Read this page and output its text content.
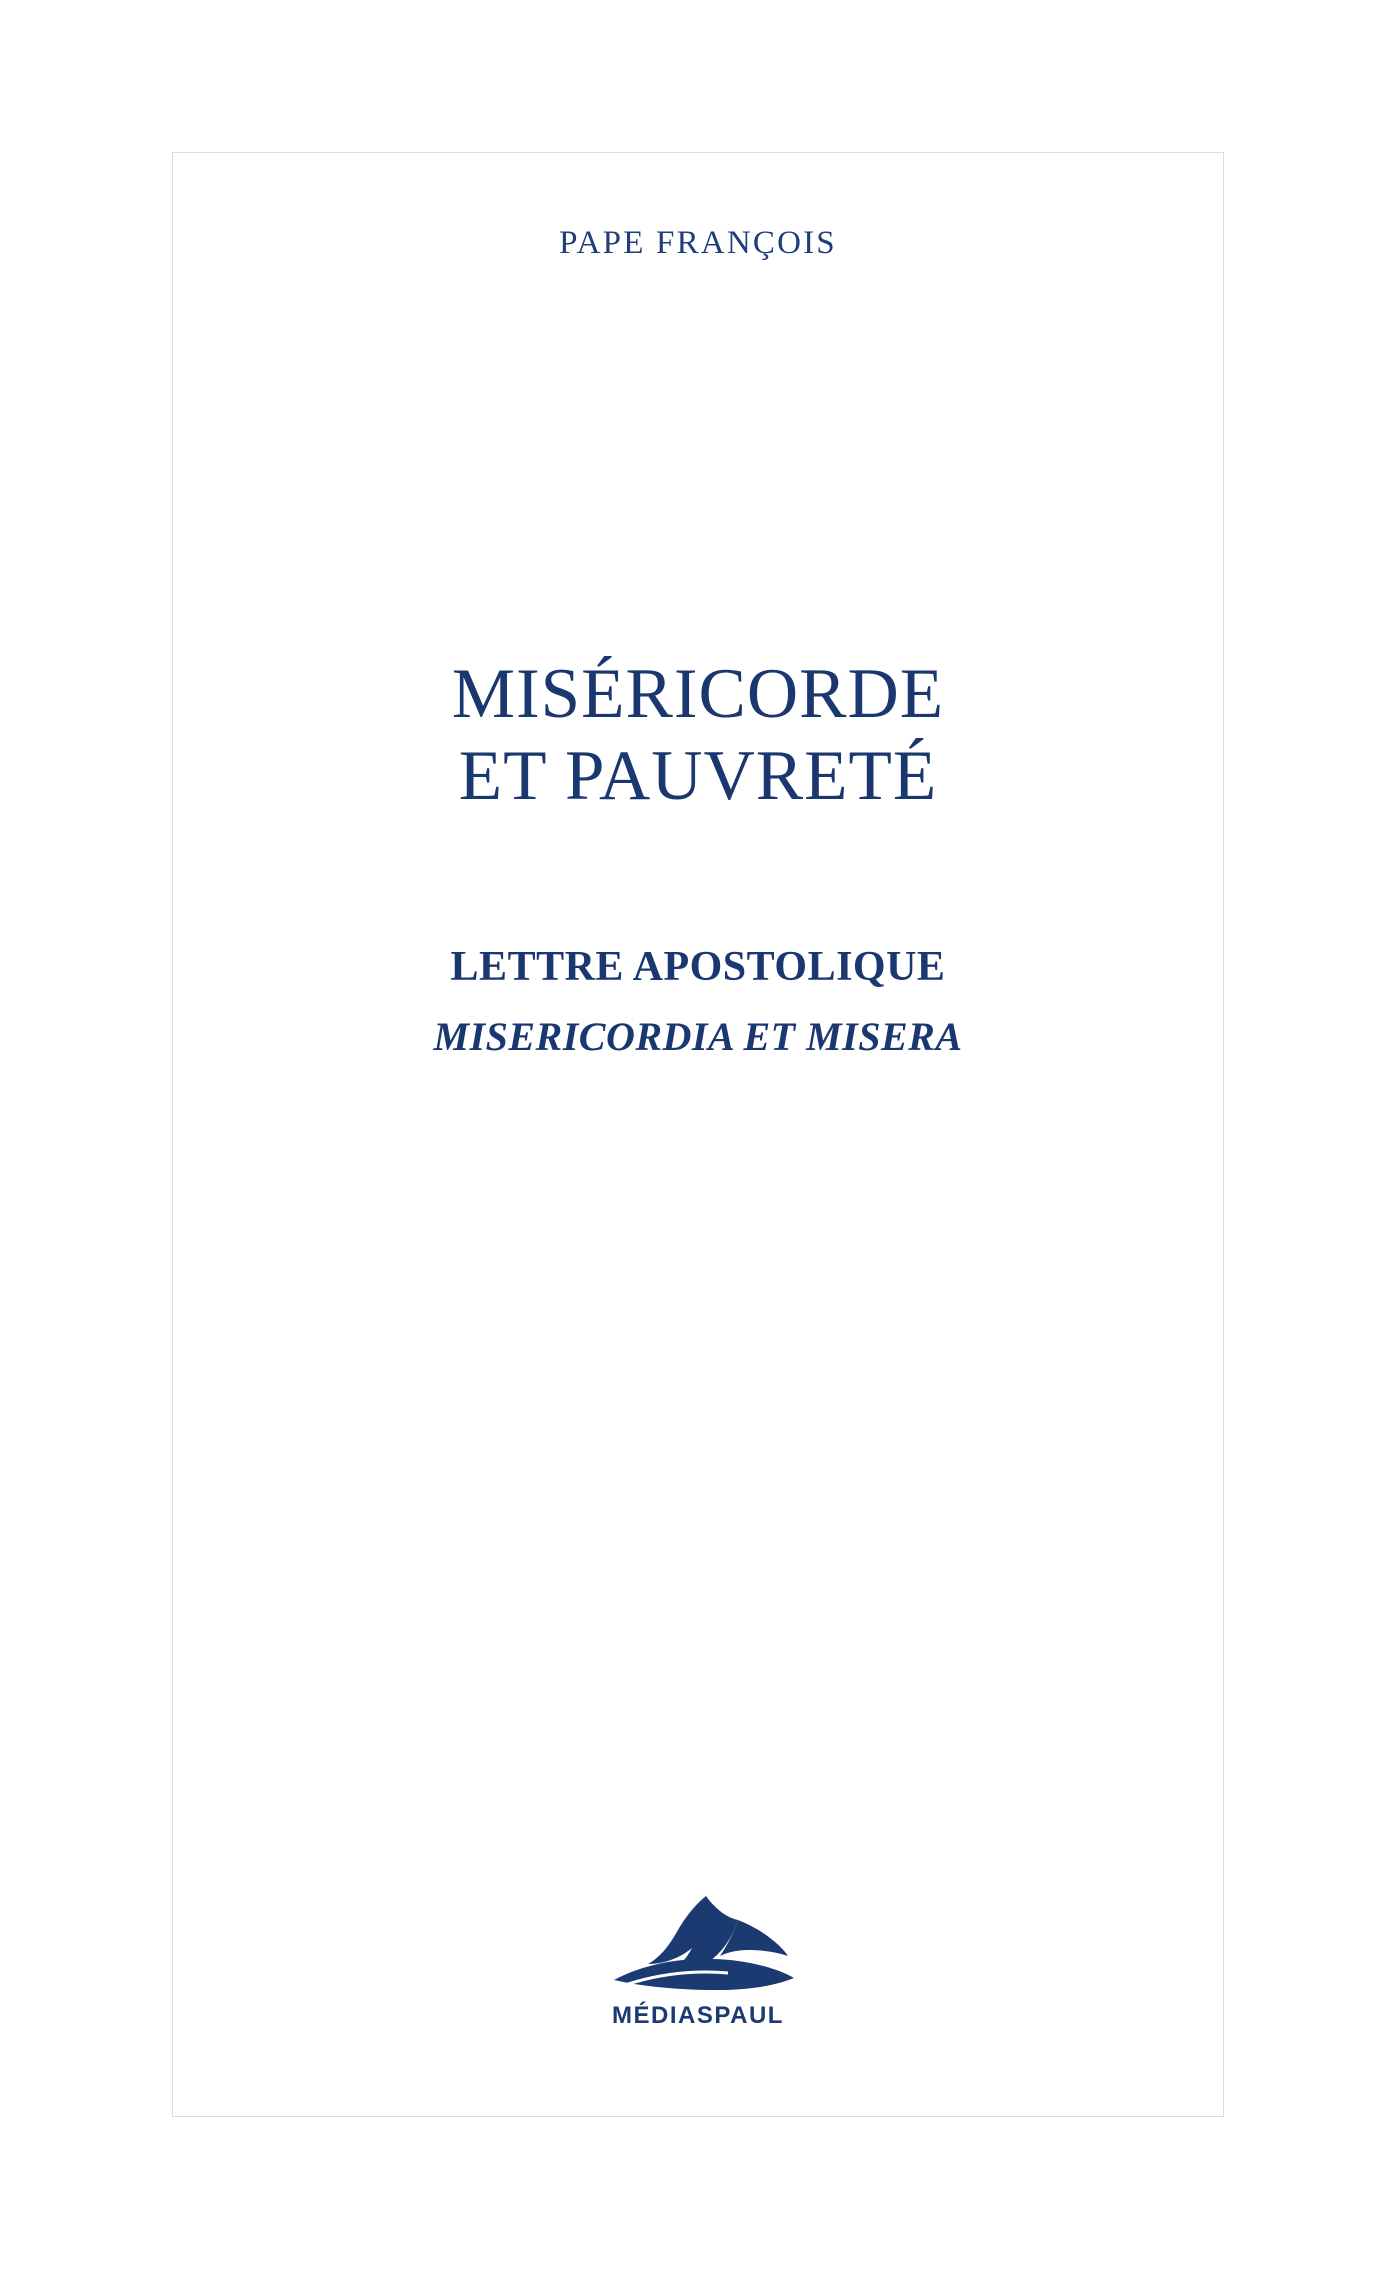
PAPE FRANÇOIS
MISÉRICORDE
ET PAUVRETÉ
LETTRE APOSTOLIQUE
MISERICORDIA ET MISERA
MÉDIASPAUL
